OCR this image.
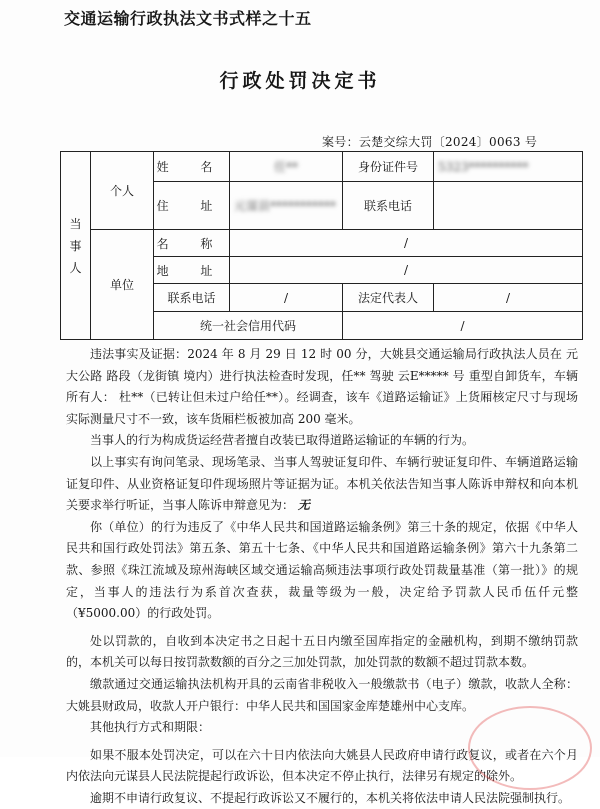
交通运输行政执法文书式样之十五
行政处罚决定书
案号：云楚交综大罚〔2024〕0063 号
当
事
人	个人	姓 名	任**	身份证件号	5323**********
		住 址	元谋县***********	联系电话	
	单位	名 称	/		
		地 址	/		
		联系电话	/	法定代表人	/
		统一社会信用代码		/	

违法事实及证据：2024 年 8 月 29 日 12 时 00 分，大姚县交通运输局行政执法人员在 元大公路 路段（龙街镇 境内）进行执法检查时发现，任** 驾驶 云E***** 号 重型自卸货车，车辆所有人： 杜**（已转让但未过户给任**）。经调查，该车《道路运输证》上货厢核定尺寸与现场实际测量尺寸不一致，该车货厢栏板被加高 200 毫米。

当事人的行为构成货运经营者擅自改装已取得道路运输证的车辆的行为。

以上事实有询问笔录、现场笔录、当事人驾驶证复印件、车辆行驶证复印件、车辆道路运输证复印件、从业资格证复印件现场照片等证据为证。本机关依法告知当事人陈诉申辩权和向本机关要求举行听证，当事人陈诉申辩意见为： 无

你（单位）的行为违反了《中华人民共和国道路运输条例》第三十条的规定，依据《中华人民共和国行政处罚法》第五条、第五十七条、《中华人民共和国道路运输条例》第六十九条第二款、参照《珠江流域及琼州海峡区域交通运输高频违法事项行政处罚裁量基准（第一批）》的规定，当事人的违法行为系首次查获，裁量等级为一般，决定给予罚款人民币伍仟元整（¥5000.00）的行政处罚。

处以罚款的，自收到本决定书之日起十五日内缴至国库指定的金融机构，到期不缴纳罚款的，本机关可以每日按罚款数额的百分之三加处罚款，加处罚款的数额不超过罚款本数。

缴款通过交通运输执法机构开具的云南省非税收入一般缴款书（电子）缴款，收款人全称：大姚县财政局，收款人开户银行：中华人民共和国国家金库楚雄州中心支库。

其他执行方式和期限：

如果不服本处罚决定，可以在六十日内依法向大姚县人民政府申请行政复议，或者在六个月内依法向元谋县人民法院提起行政诉讼，但本决定不停止执行，法律另有规定的除外。

逾期不申请行政复议、不提起行政诉讼又不履行的，本机关将依法申请人民法院强制执行。
